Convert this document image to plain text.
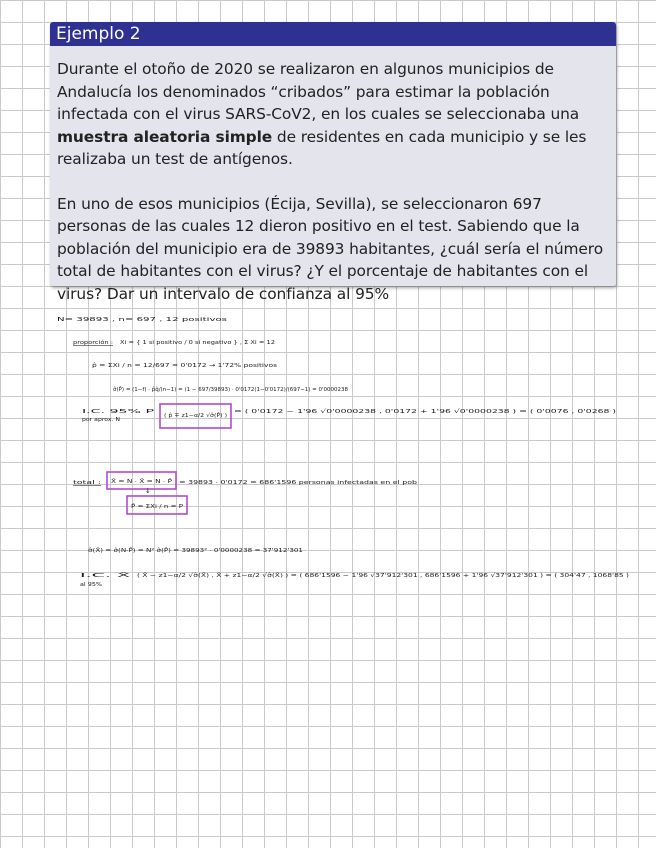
Ejemplo 2

Durante el otoño de 2020 se realizaron en algunos municipios de Andalucía los denominados “cribados” para estimar la población infectada con el virus SARS-CoV2, en los cuales se seleccionaba una muestra aleatoria simple de residentes en cada municipio y se les realizaba un test de antígenos.

En uno de esos municipios (Écija, Sevilla), se seleccionaron 697 personas de las cuales 12 dieron positivo en el test. Sabiendo que la población del municipio era de 39893 habitantes, ¿cuál sería el número total de habitantes con el virus? ¿Y el porcentaje de habitantes con el virus? Dar un intervalo de confianza al 95%

N= 39893 , n= 697 , 12 positivos
proporción :	Xi = { 1 si positivo / 0 si negativo } , Σ Xi = 12
p̂ = ΣXi / n = 12/697 = 0'0172 → 1'72% positivos
σ̂(P̂) = (1−f) · p̂q̂/(n−1) = (1 − 697/39893) · 0'0172(1−0'0172)/(697−1) = 0'0000238
I.C. 95% P
por aprox. N
( p̂ ∓ z1−α/2 √σ̂(P̂) )
= ( 0'0172 − 1'96 √0'0000238 , 0'0172 + 1'96 √0'0000238 ) = ( 0'0076 , 0'0268 )
total : X̂ = N · X̄ = N · P̂	= 39893 · 0'0172 = 686'1596 personas infectadas en el pob
↓
P̂ = ΣXi / n = P
σ̂(X̂) = σ̂(N·P̂) = N² σ̂(P̂) = 39893² · 0'0000238 = 37'912'301
I.C. X̂
al 95%
( X̂ − z1−α/2 √σ̂(X̂) , X̂ + z1−α/2 √σ̂(X̂) ) = ( 686'1596 − 1'96 √37'912'301 , 686'1596 + 1'96 √37'912'301 ) = ( 304'47 , 1068'85 )
